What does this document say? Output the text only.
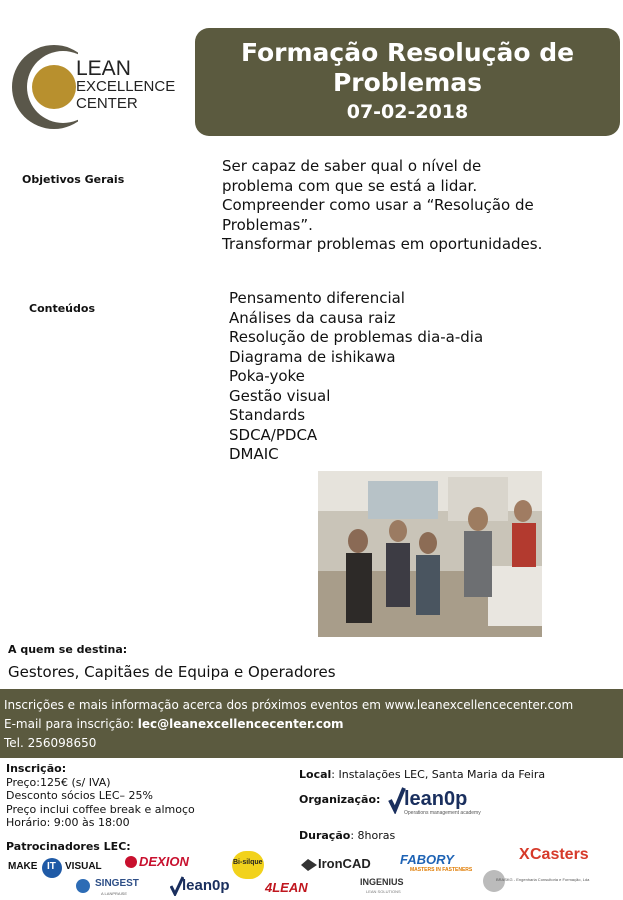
LEAN
EXCELLENCE
CENTER
Formação Resolução de
Problemas
07-02-2018
Objetivos Gerais
Ser capaz de saber qual o nível de
problema com que se está a lidar.
Compreender como usar a “Resolução de
Problemas”.
Transformar problemas em oportunidades.
Conteúdos
Pensamento diferencial
Análises da causa raiz
Resolução de problemas dia-a-dia
Diagrama de ishikawa
Poka-yoke
Gestão visual
Standards
SDCA/PDCA
DMAIC
A quem se destina:
Gestores, Capitães de Equipa e Operadores
Inscrições e mais informação acerca dos próximos eventos em www.leanexcellencecenter.com
E-mail para inscrição: lec@leanexcellencecenter.com
Tel. 256098650
Inscrição:
Preço:125€ (s/ IVA)
Desconto sócios LEC– 25%
Preço inclui coffee break e almoço
Horário: 9:00 às 18:00
Local: Instalações LEC, Santa Maria da Feira
Organização: lean0p
Operations management academy
Duração: 8horas
Patrocinadores LEC:
MAKE IT VISUAL	DEXION	Bi-silque	IronCAD FABORY
MASTERS IN FASTENERS
X Casters
SINGEST
A LANPRAISE	lean0p	4LEAN	INGENIUS
LEAN SOLUTIONS
BRASKG - Engenharia Consultoria e Formação, Lda
